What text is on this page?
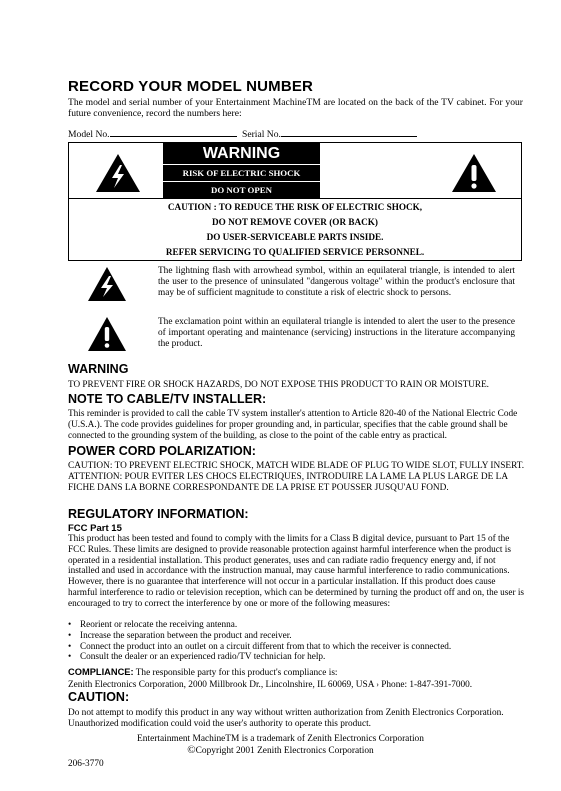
RECORD YOUR MODEL NUMBER

The model and serial number of your Entertainment MachineTM are located on the back of the TV cabinet. For your future convenience, record the numbers here:

Model No.	Serial No.
WARNING
RISK OF ELECTRIC SHOCK
DO NOT OPEN
CAUTION : TO REDUCE THE RISK OF ELECTRIC SHOCK,
DO NOT REMOVE COVER (OR BACK)
DO USER-SERVICEABLE PARTS INSIDE.
REFER SERVICING TO QUALIFIED SERVICE PERSONNEL.

The lightning flash with arrowhead symbol, within an equilateral triangle, is intended to alert the user to the presence of uninsulated "dangerous voltage" within the product's enclosure that may be of sufficient magnitude to constitute a risk of electric shock to persons.

The exclamation point within an equilateral triangle is intended to alert the user to the presence of important operating and maintenance (servicing) instructions in the literature accompanying the product.

WARNING

TO PREVENT FIRE OR SHOCK HAZARDS, DO NOT EXPOSE THIS PRODUCT TO RAIN OR MOISTURE.

NOTE TO CABLE/TV INSTALLER:

This reminder is provided to call the cable TV system installer's attention to Article 820-40 of the National Electric Code (U.S.A.). The code provides guidelines for proper grounding and, in particular, specifies that the cable ground shall be connected to the grounding system of the building, as close to the point of the cable entry as practical.

POWER CORD POLARIZATION:

CAUTION: TO PREVENT ELECTRIC SHOCK, MATCH WIDE BLADE OF PLUG TO WIDE SLOT, FULLY INSERT.

ATTENTION: POUR EVITER LES CHOCS ELECTRIQUES, INTRODUIRE LA LAME LA PLUS LARGE DE LA FICHE DANS LA BORNE CORRESPONDANTE DE LA PRISE ET POUSSER JUSQU'AU FOND.

REGULATORY INFORMATION:
FCC Part 15

This product has been tested and found to comply with the limits for a Class B digital device, pursuant to Part 15 of the FCC Rules. These limits are designed to provide reasonable protection against harmful interference when the product is operated in a residential installation. This product generates, uses and can radiate radio frequency energy and, if not installed and used in accordance with the instruction manual, may cause harmful interference to radio communications. However, there is no guarantee that interference will not occur in a particular installation. If this product does cause harmful interference to radio or television reception, which can be determined by turning the product off and on, the user is encouraged to try to correct the interference by one or more of the following measures:

• Reorient or relocate the receiving antenna.
• Increase the separation between the product and receiver.
• Connect the product into an outlet on a circuit different from that to which the receiver is connected.
• Consult the dealer or an experienced radio/TV technician for help.
COMPLIANCE: The responsible party for this product's compliance is:
Zenith Electronics Corporation, 2000 Millbrook Dr., Lincolnshire, IL 60069, USA › Phone: 1-847-391-7000.
CAUTION:

Do not attempt to modify this product in any way without written authorization from Zenith Electronics Corporation. Unauthorized modification could void the user's authority to operate this product.

Entertainment MachineTM is a trademark of Zenith Electronics Corporation
©Copyright 2001 Zenith Electronics Corporation
206-3770
